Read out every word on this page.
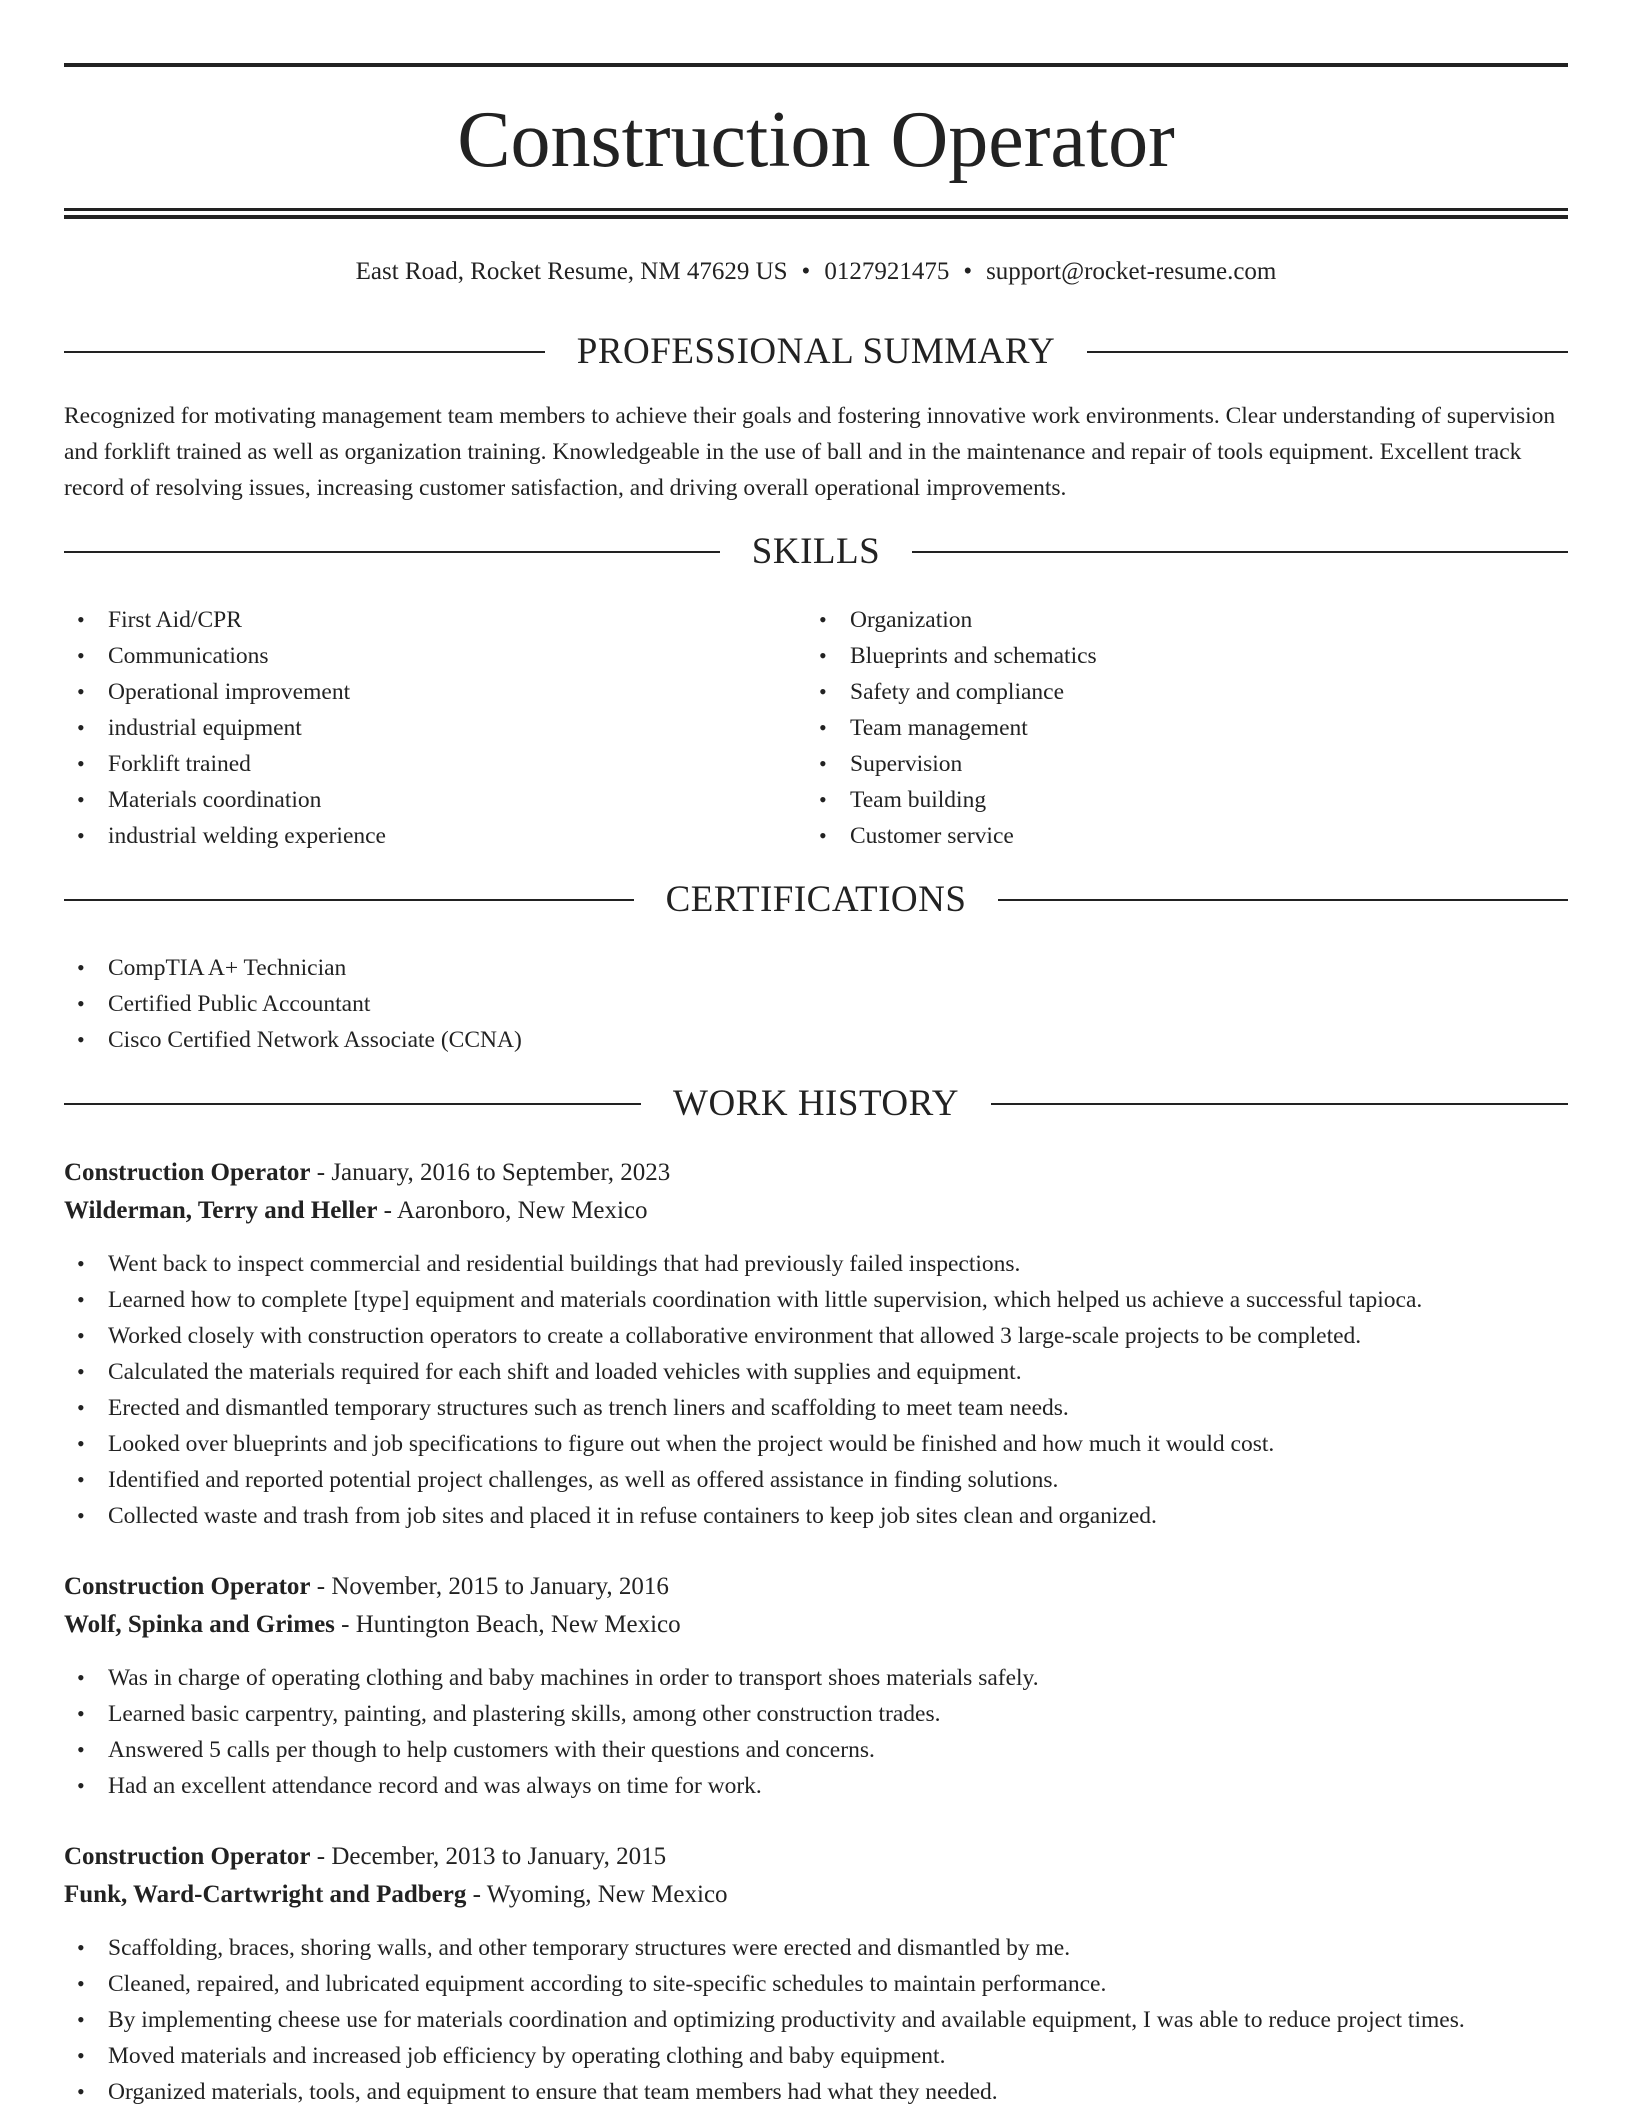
Construction Operator
East Road, Rocket Resume, NM 47629 US • 0127921475 • support@rocket-resume.com
PROFESSIONAL SUMMARY

Recognized for motivating management team members to achieve their goals and fostering innovative work environments. Clear understanding of supervision and forklift trained as well as organization training. Knowledgeable in the use of ball and in the maintenance and repair of tools equipment. Excellent track record of resolving issues, increasing customer satisfaction, and driving overall operational improvements.

SKILLS
• First Aid/CPR
• Communications
• Operational improvement
• industrial equipment
• Forklift trained
• Materials coordination
• industrial welding experience
• Organization
• Blueprints and schematics
• Safety and compliance
• Team management
• Supervision
• Team building
• Customer service
CERTIFICATIONS
• CompTIA A+ Technician
• Certified Public Accountant
• Cisco Certified Network Associate (CCNA)
WORK HISTORY
Construction Operator - January, 2016 to September, 2023
Wilderman, Terry and Heller - Aaronboro, New Mexico
• Went back to inspect commercial and residential buildings that had previously failed inspections.
• Learned how to complete [type] equipment and materials coordination with little supervision, which helped us achieve a successful tapioca.
• Worked closely with construction operators to create a collaborative environment that allowed 3 large-scale projects to be completed.
• Calculated the materials required for each shift and loaded vehicles with supplies and equipment.
• Erected and dismantled temporary structures such as trench liners and scaffolding to meet team needs.
• Looked over blueprints and job specifications to figure out when the project would be finished and how much it would cost.
• Identified and reported potential project challenges, as well as offered assistance in finding solutions.
• Collected waste and trash from job sites and placed it in refuse containers to keep job sites clean and organized.
Construction Operator - November, 2015 to January, 2016
Wolf, Spinka and Grimes - Huntington Beach, New Mexico
• Was in charge of operating clothing and baby machines in order to transport shoes materials safely.
• Learned basic carpentry, painting, and plastering skills, among other construction trades.
• Answered 5 calls per though to help customers with their questions and concerns.
• Had an excellent attendance record and was always on time for work.
Construction Operator - December, 2013 to January, 2015
Funk, Ward-Cartwright and Padberg - Wyoming, New Mexico
• Scaffolding, braces, shoring walls, and other temporary structures were erected and dismantled by me.
• Cleaned, repaired, and lubricated equipment according to site-specific schedules to maintain performance.
• By implementing cheese use for materials coordination and optimizing productivity and available equipment, I was able to reduce project times.
• Moved materials and increased job efficiency by operating clothing and baby equipment.
• Organized materials, tools, and equipment to ensure that team members had what they needed.
